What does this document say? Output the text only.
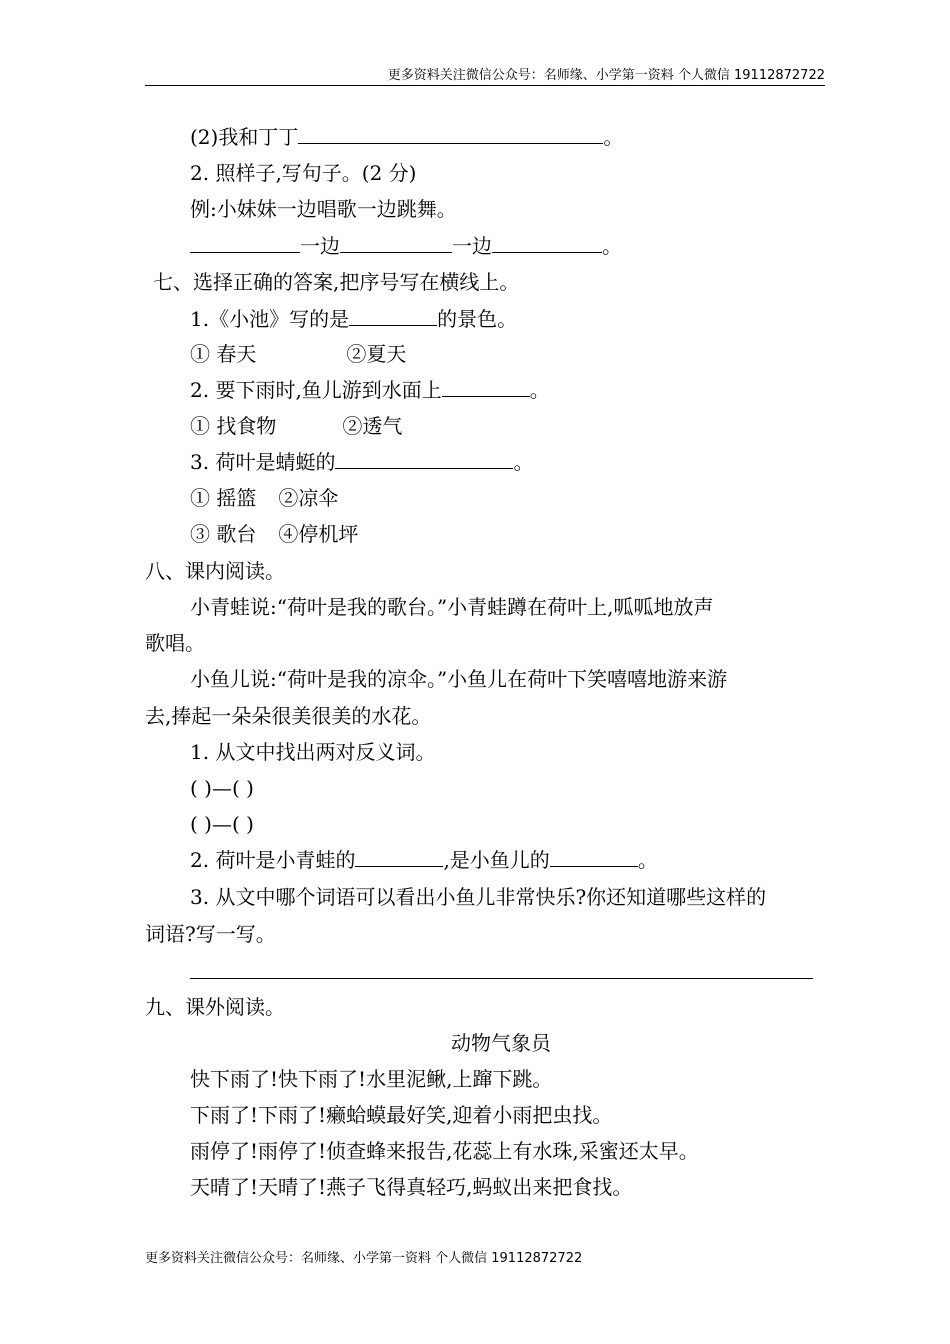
更多资料关注微信公众号：名师缘、小学第一资料 个人微信 19112872722
(2)我和丁丁	。
2. 照样子,写句子。(2 分)
例:小妹妹一边唱歌一边跳舞。
一边	一边	。
七、选择正确的答案,把序号写在横线上。
1.《小池》写的是	的景色。
① 春天	②夏天
2. 要下雨时,鱼儿游到水面上	。
① 找食物	②透气
3. 荷叶是蜻蜓的	。
① 摇篮 ②凉伞
③ 歌台 ④停机坪
八、课内阅读。
小青蛙说:“荷叶是我的歌台。”小青蛙蹲在荷叶上,呱呱地放声
歌唱。
小鱼儿说:“荷叶是我的凉伞。”小鱼儿在荷叶下笑嘻嘻地游来游
去,捧起一朵朵很美很美的水花。
1. 从文中找出两对反义词。
( )—( )
( )—( )
2. 荷叶是小青蛙的	,是小鱼儿的	。
3. 从文中哪个词语可以看出小鱼儿非常快乐?你还知道哪些这样的
词语?写一写。
九、课外阅读。
动物气象员
快下雨了!快下雨了!水里泥鳅,上蹿下跳。
下雨了!下雨了!癞蛤蟆最好笑,迎着小雨把虫找。
雨停了!雨停了!侦查蜂来报告,花蕊上有水珠,采蜜还太早。
天晴了!天晴了!燕子飞得真轻巧,蚂蚁出来把食找。
更多资料关注微信公众号：名师缘、小学第一资料 个人微信 19112872722
